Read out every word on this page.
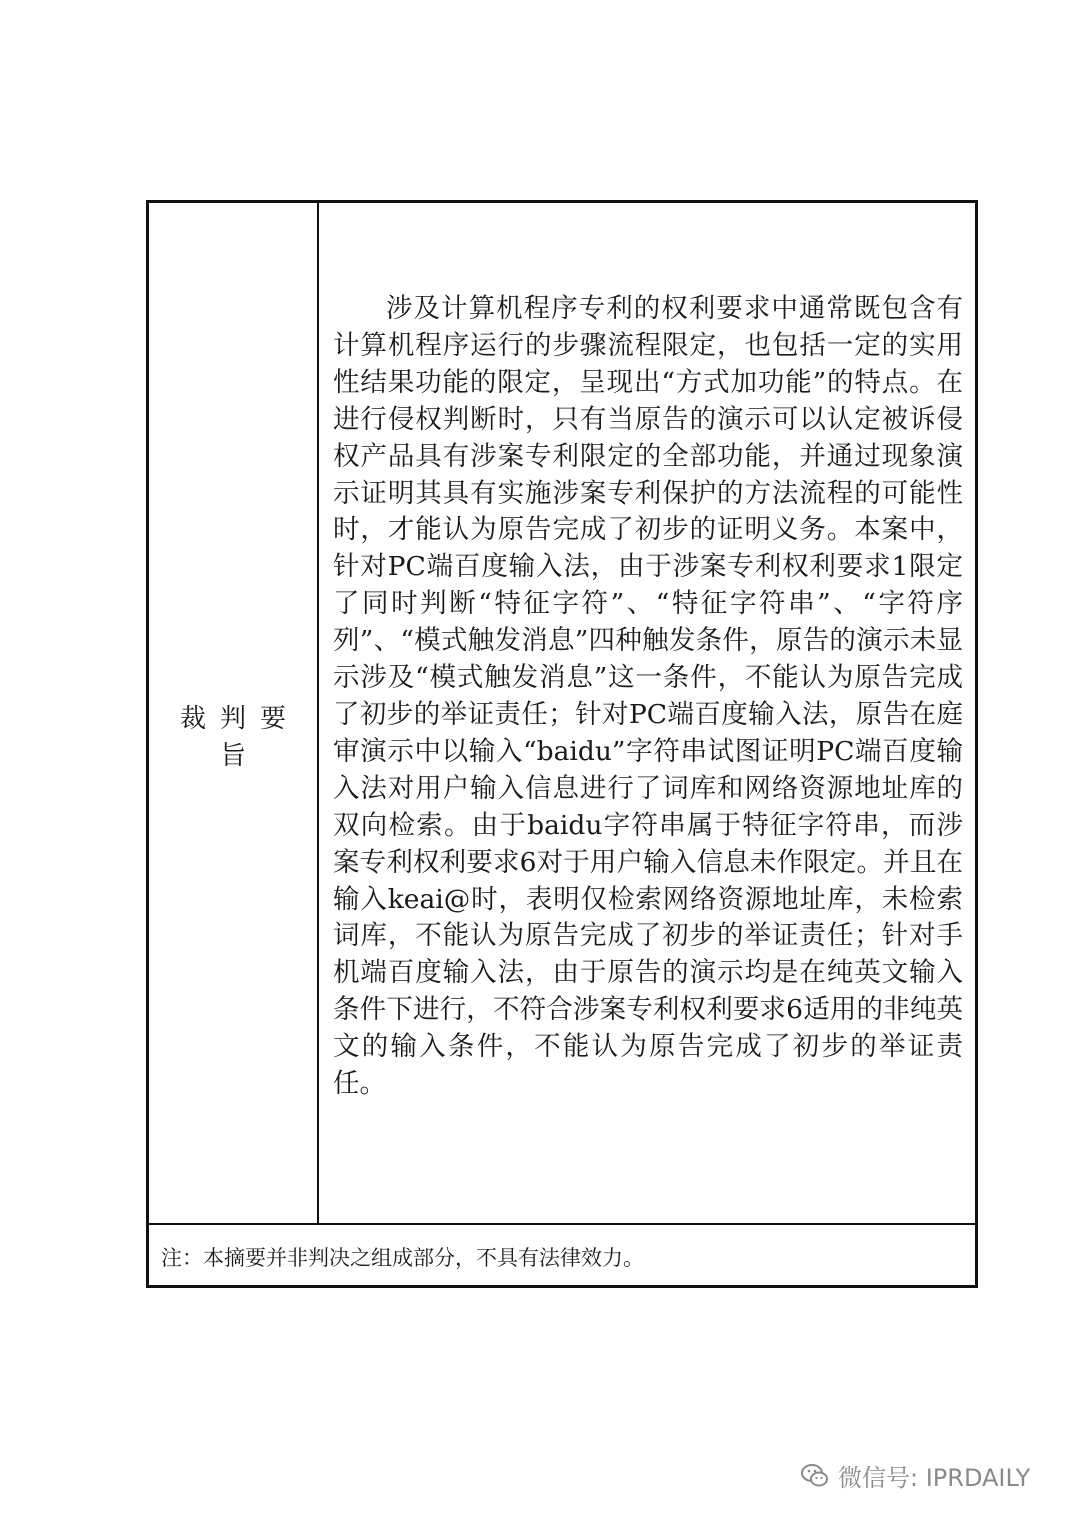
裁判要旨

涉及计算机程序专利的权利要求中通常既包含有计算机程序运行的步骤流程限定，也包括一定的实用性结果功能的限定，呈现出“方式加功能”的特点。在进行侵权判断时，只有当原告的演示可以认定被诉侵权产品具有涉案专利限定的全部功能，并通过现象演示证明其具有实施涉案专利保护的方法流程的可能性时，才能认为原告完成了初步的证明义务。本案中，针对PC端百度输入法，由于涉案专利权利要求1限定了同时判断“特征字符”、“特征字符串”、“字符序列”、“模式触发消息”四种触发条件，原告的演示未显示涉及“模式触发消息”这一条件，不能认为原告完成了初步的举证责任；针对PC端百度输入法，原告在庭审演示中以输入“baidu”字符串试图证明PC端百度输入法对用户输入信息进行了词库和网络资源地址库的双向检索。由于baidu字符串属于特征字符串，而涉案专利权利要求6对于用户输入信息未作限定。并且在输入keai@时，表明仅检索网络资源地址库，未检索词库，不能认为原告完成了初步的举证责任；针对手机端百度输入法，由于原告的演示均是在纯英文输入条件下进行，不符合涉案专利权利要求6适用的非纯英文的输入条件，不能认为原告完成了初步的举证责任。

注：本摘要并非判决之组成部分，不具有法律效力。
微信号: IPRDAILY
